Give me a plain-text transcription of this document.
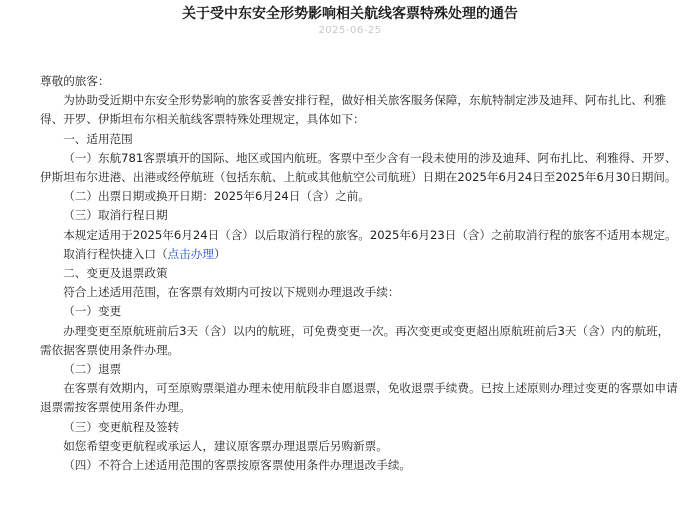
关于受中东安全形势影响相关航线客票特殊处理的通告
2025-06-25

尊敬的旅客：

为协助受近期中东安全形势影响的旅客妥善安排行程，做好相关旅客服务保障，东航特制定涉及迪拜、阿布扎比、利雅得、开罗、伊斯坦布尔相关航线客票特殊处理规定，具体如下：

一、适用范围

（一）东航781客票填开的国际、地区或国内航班。客票中至少含有一段未使用的涉及迪拜、阿布扎比、利雅得、开罗、伊斯坦布尔进港、出港或经停航班（包括东航、上航或其他航空公司航班）日期在2025年6月24日至2025年6月30日期间。

（二）出票日期或换开日期：2025年6月24日（含）之前。

（三）取消行程日期

本规定适用于2025年6月24日（含）以后取消行程的旅客。2025年6月23日（含）之前取消行程的旅客不适用本规定。

取消行程快捷入口（点击办理）

二、变更及退票政策

符合上述适用范围，在客票有效期内可按以下规则办理退改手续：

（一）变更

办理变更至原航班前后3天（含）以内的航班，可免费变更一次。再次变更或变更超出原航班前后3天（含）内的航班，需依据客票使用条件办理。

（二）退票

在客票有效期内，可至原购票渠道办理未使用航段非自愿退票，免收退票手续费。已按上述原则办理过变更的客票如申请退票需按客票使用条件办理。

（三）变更航程及签转

如您希望变更航程或承运人，建议原客票办理退票后另购新票。

（四）不符合上述适用范围的客票按原客票使用条件办理退改手续。
